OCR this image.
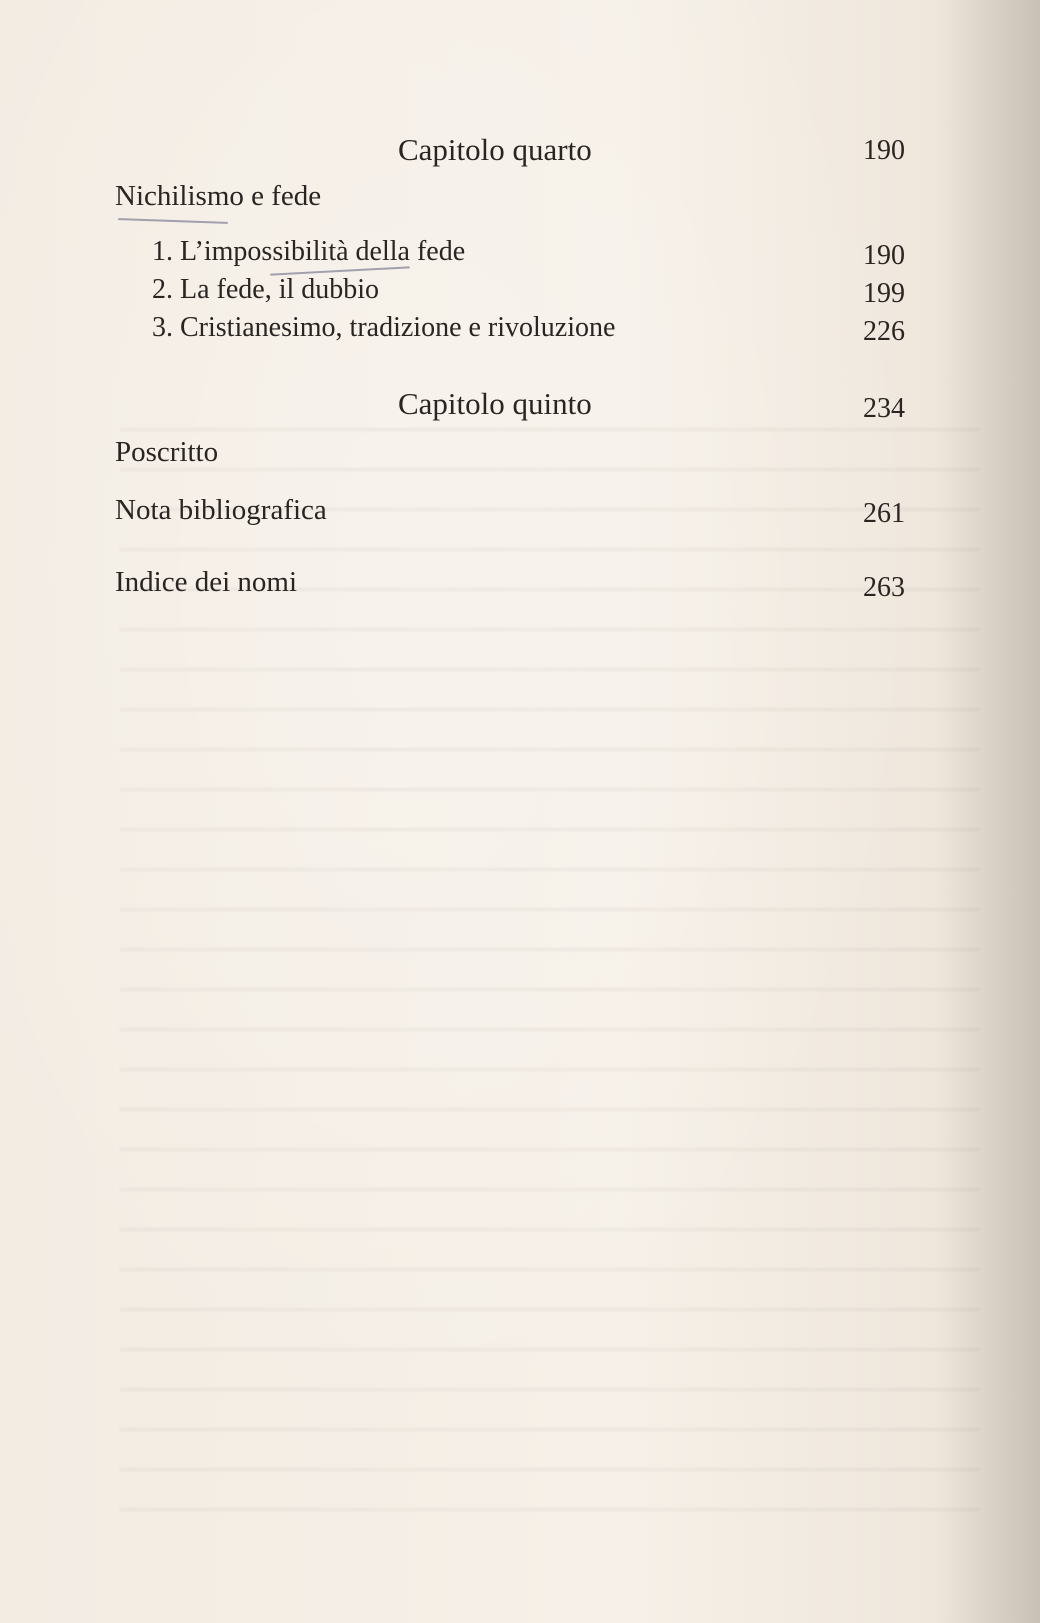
Capitolo quarto	190
Nichilismo e fede
1. L’impossibilità della fede	190
2. La fede, il dubbio	199
3. Cristianesimo, tradizione e rivoluzione	226
Capitolo quinto	234
Poscritto
Nota bibliografica	261
Indice dei nomi	263
